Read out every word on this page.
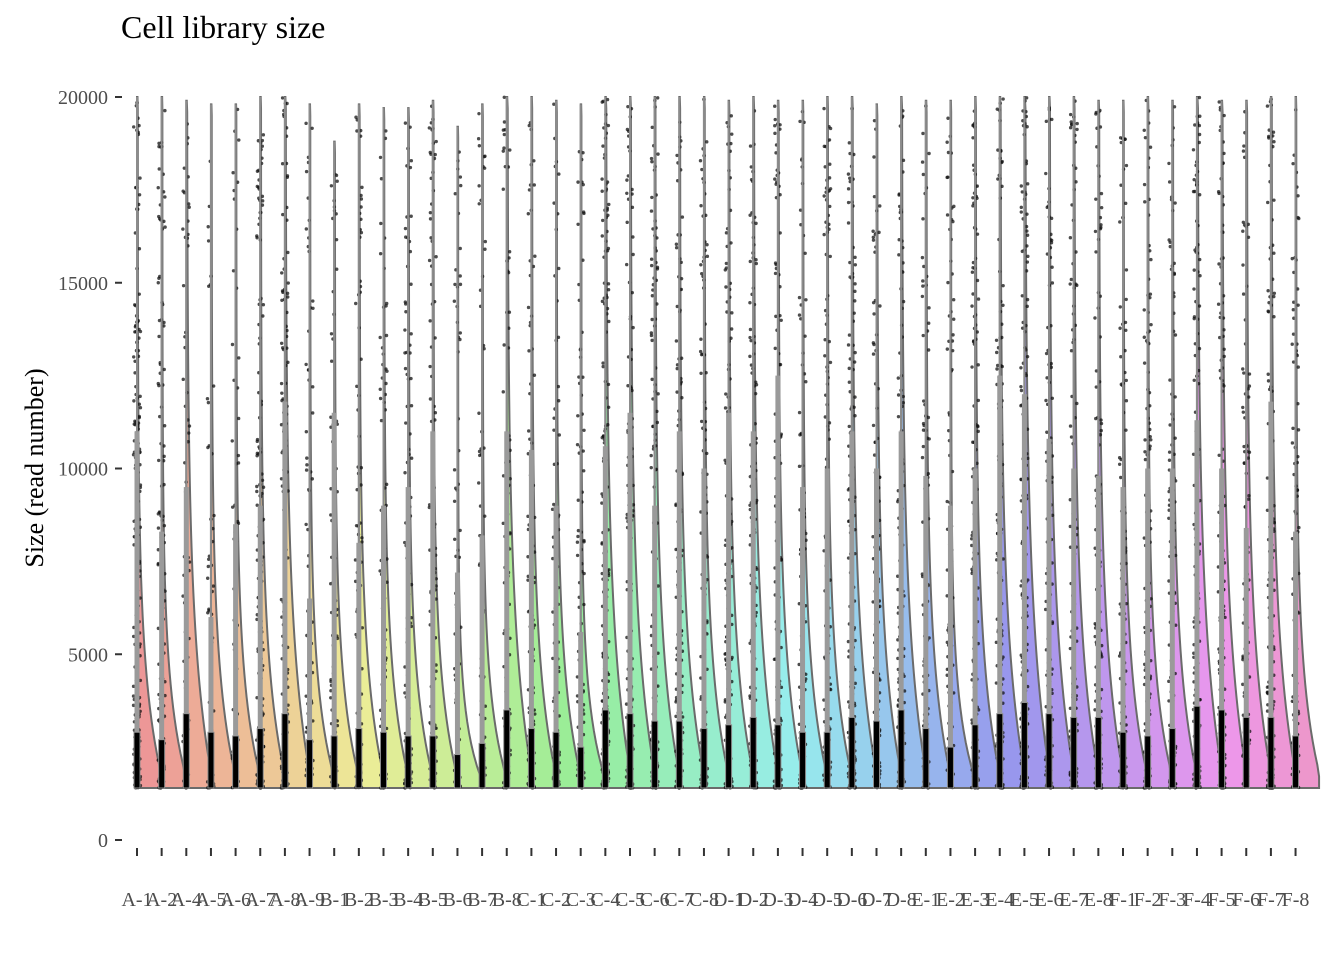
Cell library size
Size (read number)
0
5000
10000
15000
20000
A-1
A-2
A-4
A-5
A-6
A-7
A-8
A-9
B-1
B-2
B-3
B-4
B-5
B-6
B-7
B-8
C-1
C-2
C-3
C-4
C-5
C-6
C-7
C-8
D-1
D-2
D-3
D-4
D-5
D-6
D-7
D-8
E-1
E-2
E-3
E-4
E-5
E-6
E-7
E-8
F-1
F-2
F-3
F-4
F-5
F-6
F-7
F-8
